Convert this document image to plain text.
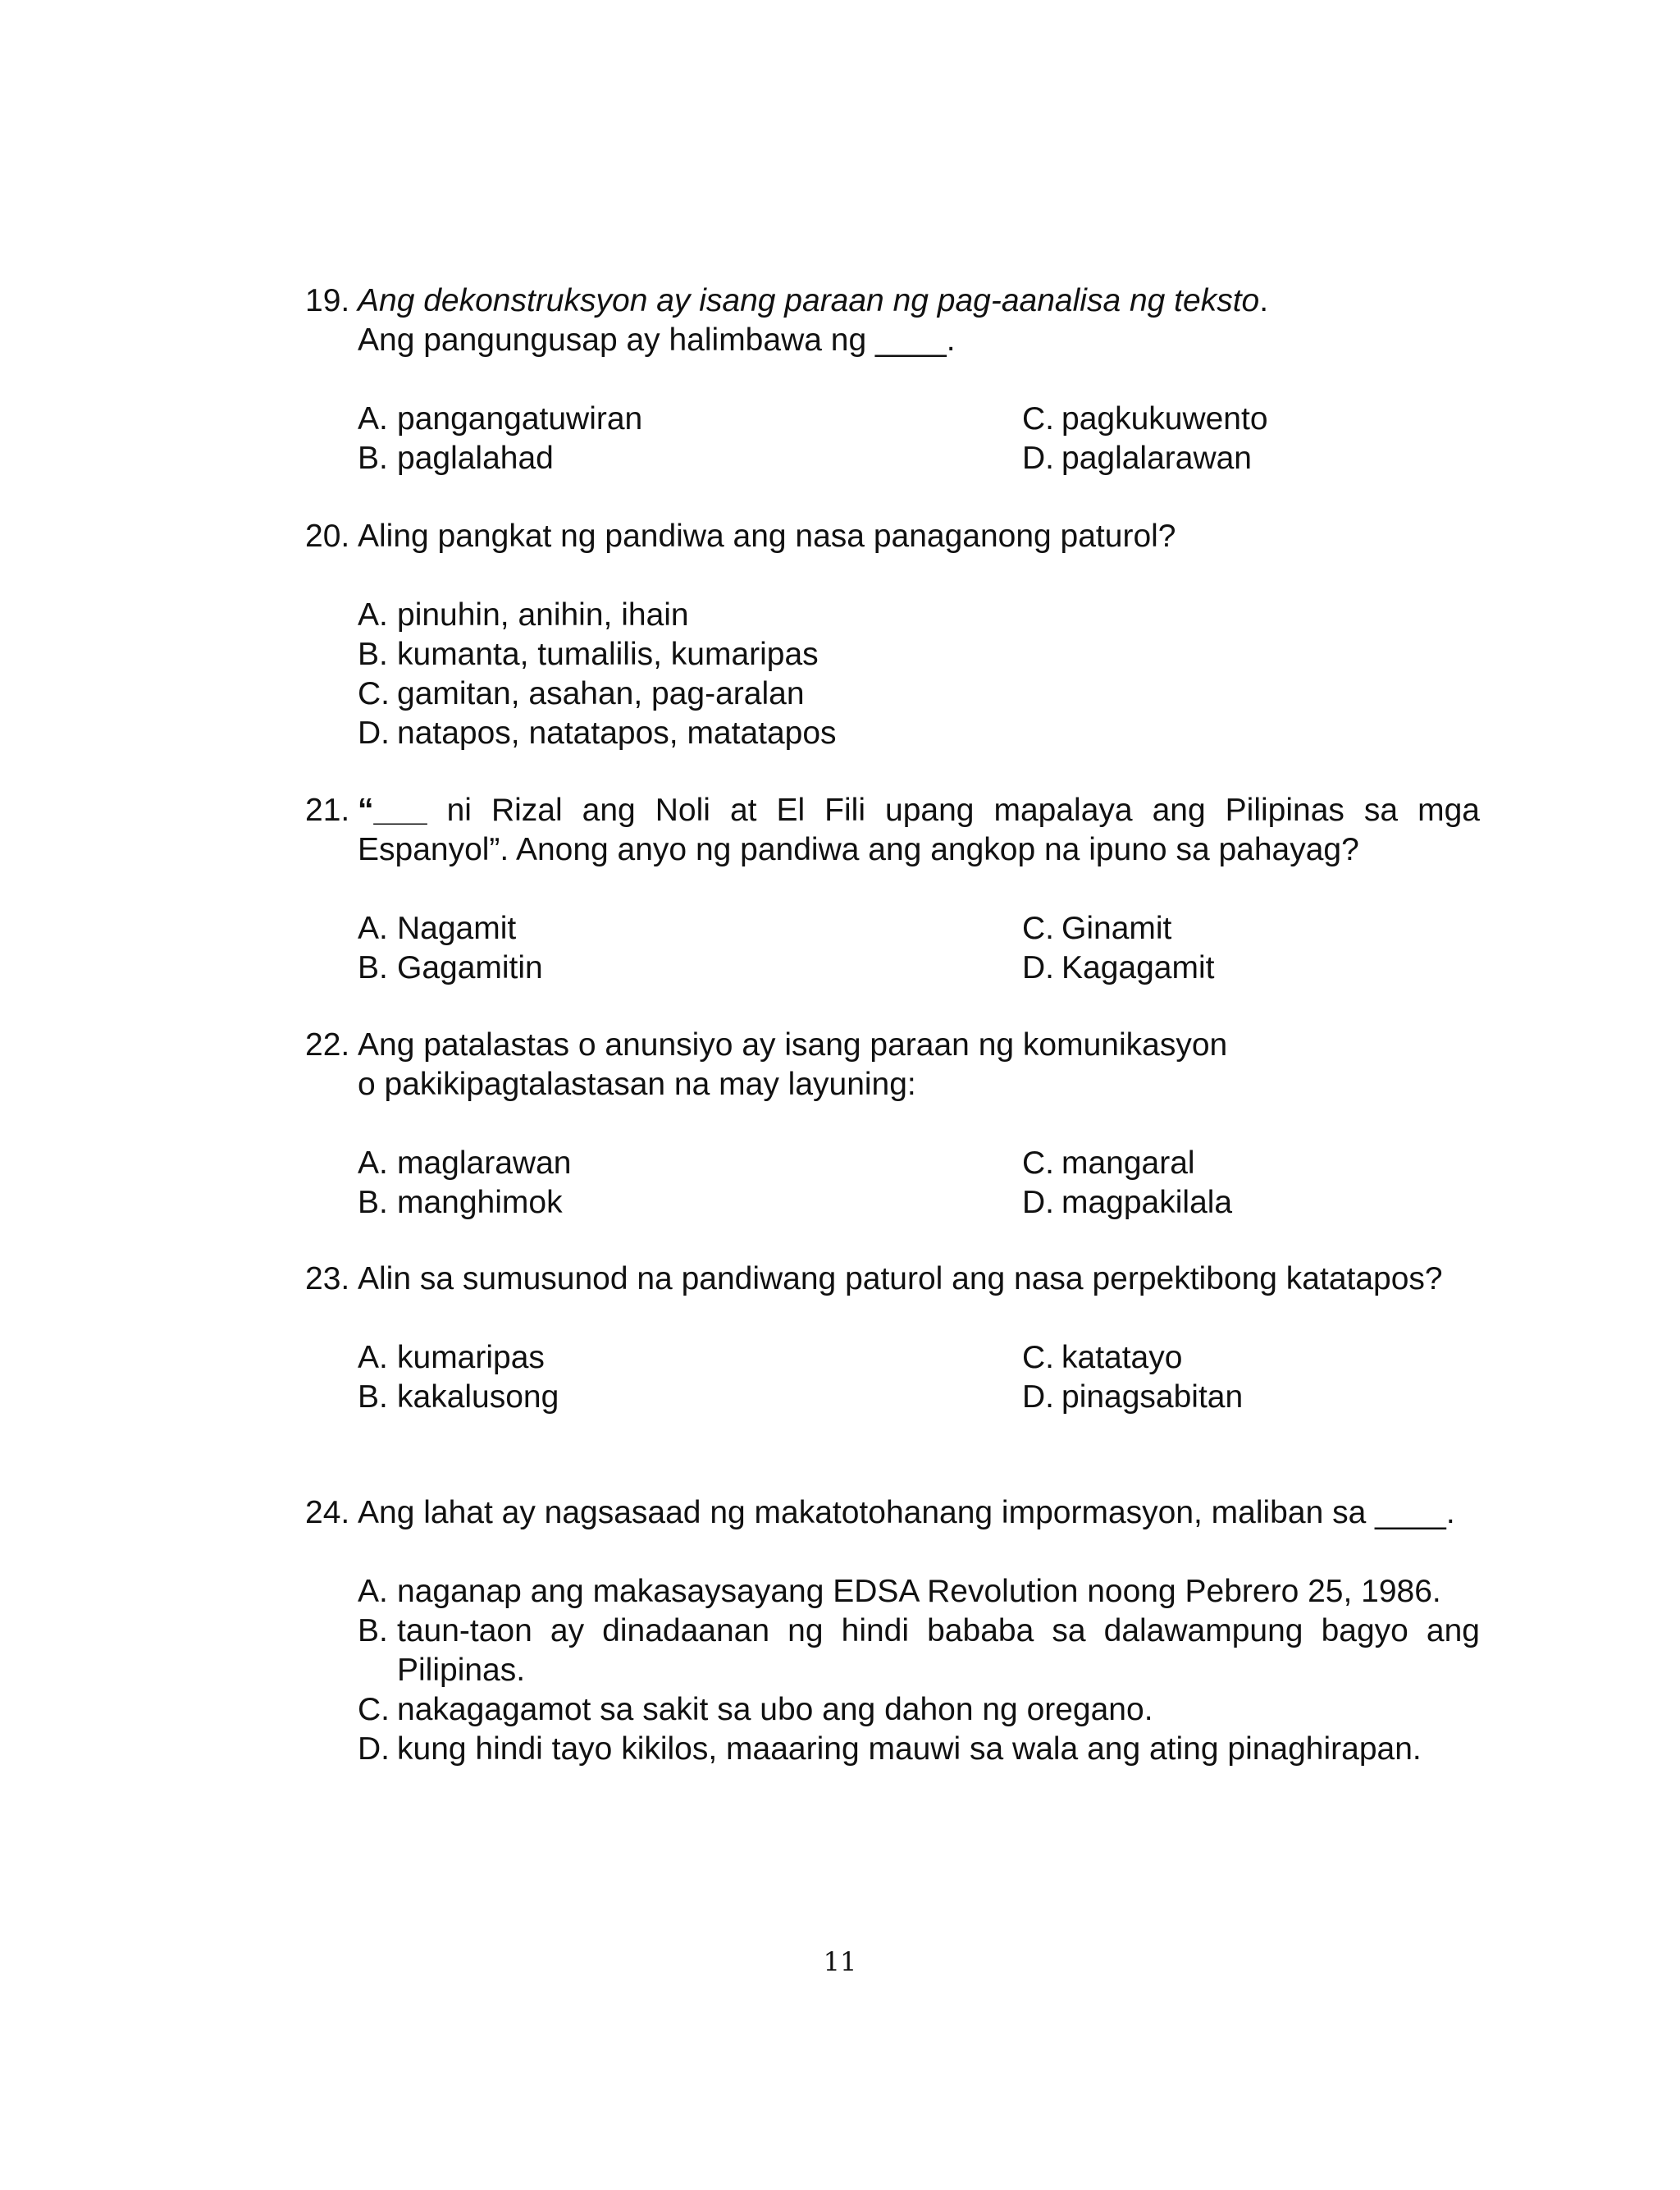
19. Ang dekonstruksyon ay isang paraan ng pag-aanalisa ng teksto.
Ang pangungusap ay halimbawa ng ____.
A. pangangatuwiran	C. pagkukuwento
B. paglalahad	D. paglalarawan
20. Aling pangkat ng pandiwa ang nasa panaganong paturol?
A. pinuhin, anihin, ihain
B. kumanta, tumalilis, kumaripas
C. gamitan, asahan, pag-aralan
D. natapos, natatapos, matatapos
21. “___ ni Rizal ang Noli at El Fili upang mapalaya ang Pilipinas sa mga Espanyol”. Anong anyo ng pandiwa ang angkop na ipuno sa pahayag?
A. Nagamit	C. Ginamit
B. Gagamitin	D. Kagagamit
22. Ang patalastas o anunsiyo ay isang paraan ng komunikasyon
o pakikipagtalastasan na may layuning:
A. maglarawan	C. mangaral
B. manghimok	D. magpakilala
23. Alin sa sumusunod na pandiwang paturol ang nasa perpektibong katatapos?
A. kumaripas	C. katatayo
B. kakalusong	D. pinagsabitan
24. Ang lahat ay nagsasaad ng makatotohanang impormasyon, maliban sa ____.
A. naganap ang makasaysayang EDSA Revolution noong Pebrero 25, 1986.
B. taun-taon ay dinadaanan ng hindi bababa sa dalawampung bagyo ang Pilipinas.
C. nakagagamot sa sakit sa ubo ang dahon ng oregano.
D. kung hindi tayo kikilos, maaaring mauwi sa wala ang ating pinaghirapan.
11
